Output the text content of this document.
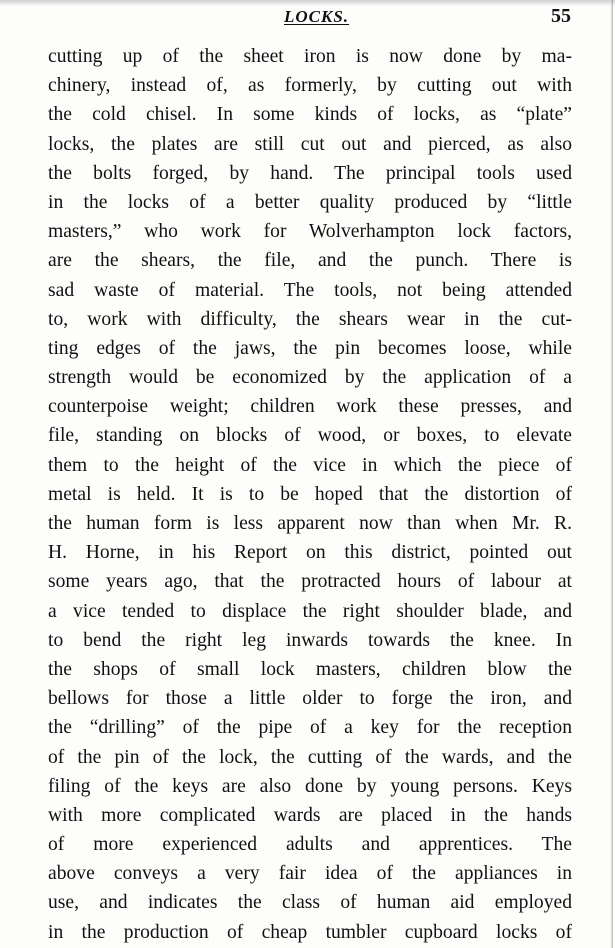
LOCKS.	55
cutting up of the sheet iron is now done by ma-
chinery, instead of, as formerly, by cutting out with
the cold chisel. In some kinds of locks, as “plate”
locks, the plates are still cut out and pierced, as also
the bolts forged, by hand. The principal tools used
in the locks of a better quality produced by “little
masters,” who work for Wolverhampton lock factors,
are the shears, the file, and the punch. There is
sad waste of material. The tools, not being attended
to, work with difficulty, the shears wear in the cut-
ting edges of the jaws, the pin becomes loose, while
strength would be economized by the application of a
counterpoise weight; children work these presses, and
file, standing on blocks of wood, or boxes, to elevate
them to the height of the vice in which the piece of
metal is held. It is to be hoped that the distortion of
the human form is less apparent now than when Mr. R.
H. Horne, in his Report on this district, pointed out
some years ago, that the protracted hours of labour at
a vice tended to displace the right shoulder blade, and
to bend the right leg inwards towards the knee. In
the shops of small lock masters, children blow the
bellows for those a little older to forge the iron, and
the “drilling” of the pipe of a key for the reception
of the pin of the lock, the cutting of the wards, and the
filing of the keys are also done by young persons. Keys
with more complicated wards are placed in the hands
of more experienced adults and apprentices. The
above conveys a very fair idea of the appliances in
use, and indicates the class of human aid employed
in the production of cheap tumbler cupboard locks of
